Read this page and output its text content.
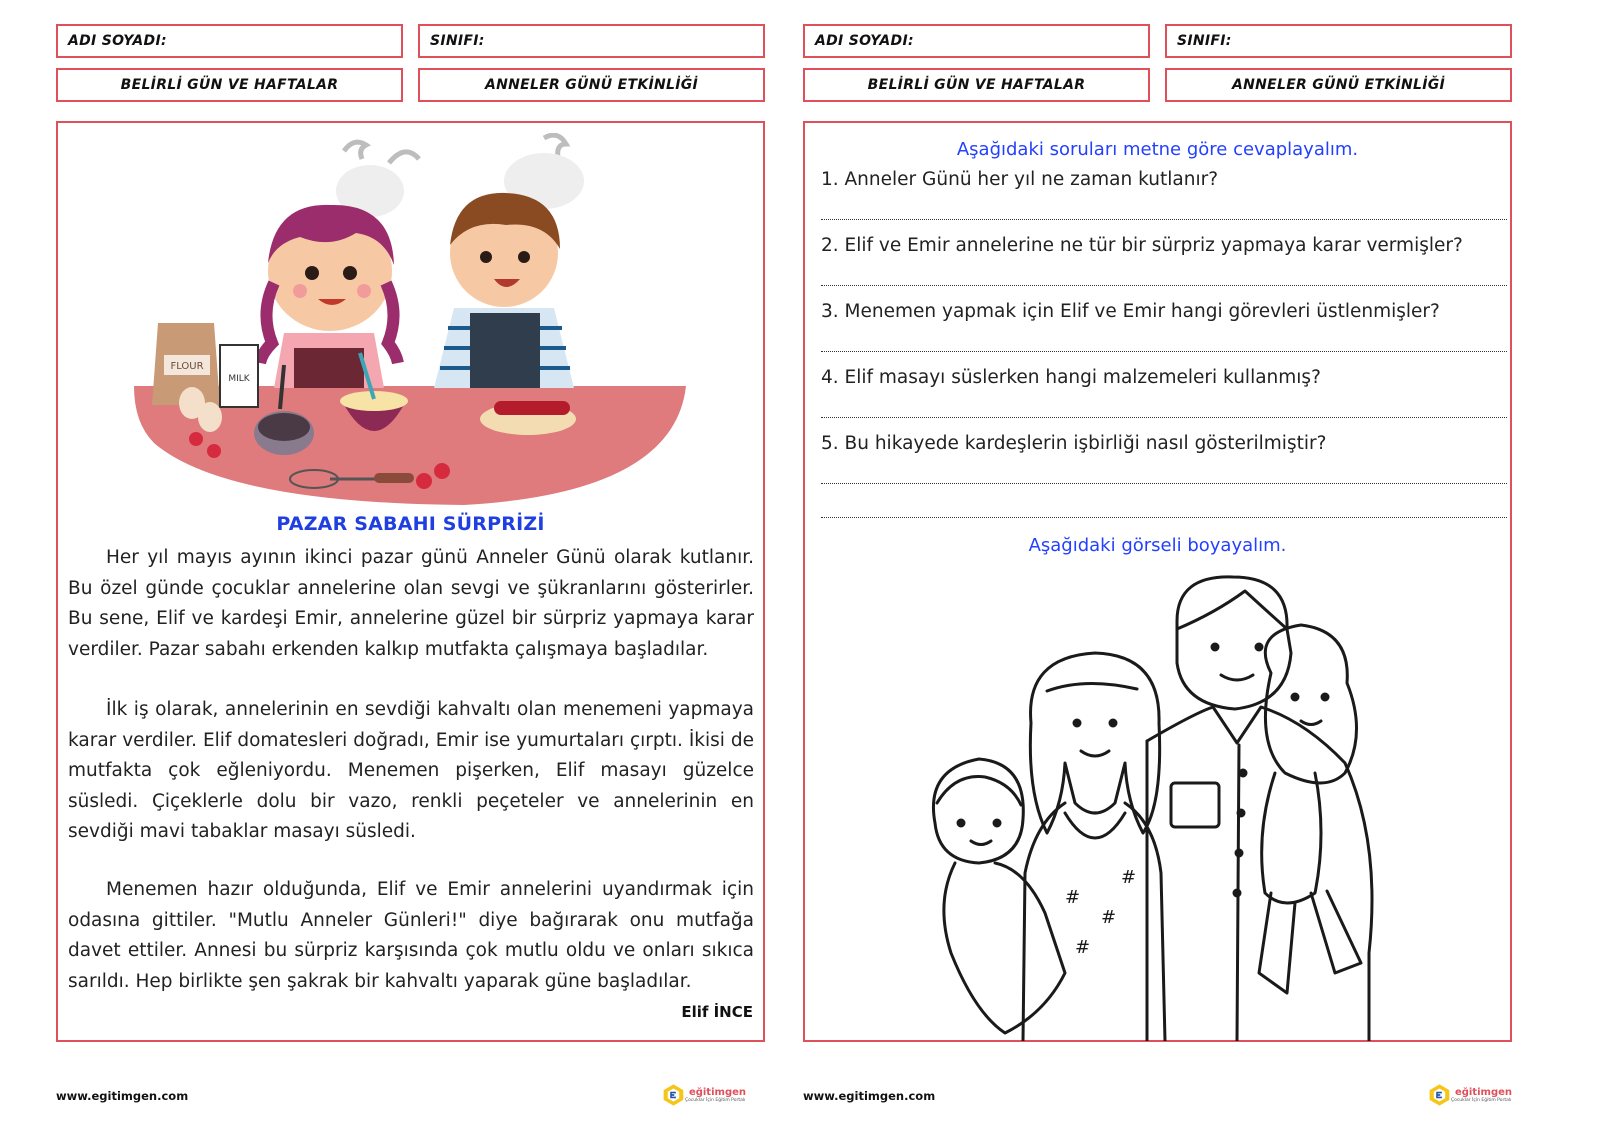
ADI SOYADI:	SINIFI:
BELİRLİ GÜN VE HAFTALAR	ANNELER GÜNÜ ETKİNLİĞİ
FLOUR
MILK
PAZAR SABAHI SÜRPRİZİ

Her yıl mayıs ayının ikinci pazar günü Anneler Günü olarak kutlanır. Bu özel günde çocuklar annelerine olan sevgi ve şükranlarını gösterirler. Bu sene, Elif ve kardeşi Emir, annelerine güzel bir sürpriz yapmaya karar verdiler. Pazar sabahı erkenden kalkıp mutfakta çalışmaya başladılar.

İlk iş olarak, annelerinin en sevdiği kahvaltı olan menemeni yapmaya karar verdiler. Elif domatesleri doğradı, Emir ise yumurtaları çırptı. İkisi de mutfakta çok eğleniyordu. Menemen pişerken, Elif masayı güzelce süsledi. Çiçeklerle dolu bir vazo, renkli peçeteler ve annelerinin en sevdiği mavi tabaklar masayı süsledi.

Menemen hazır olduğunda, Elif ve Emir annelerini uyandırmak için odasına gittiler. "Mutlu Anneler Günleri!" diye bağırarak onu mutfağa davet ettiler. Annesi bu sürpriz karşısında çok mutlu oldu ve onları sıkıca sarıldı. Hep birlikte şen şakrak bir kahvaltı yaparak güne başladılar.

Elif İNCE
www.egitimgen.com	eğitimgen
Çocuklar İçin Eğitim Portalı
ADI SOYADI:	SINIFI:
BELİRLİ GÜN VE HAFTALAR	ANNELER GÜNÜ ETKİNLİĞİ
Aşağıdaki soruları metne göre cevaplayalım.
1. Anneler Günü her yıl ne zaman kutlanır?
2. Elif ve Emir annelerine ne tür bir sürpriz yapmaya karar vermişler?
3. Menemen yapmak için Elif ve Emir hangi görevleri üstlenmişler?
4. Elif masayı süslerken hangi malzemeleri kullanmış?
5. Bu hikayede kardeşlerin işbirliği nasıl gösterilmiştir?
Aşağıdaki görseli boyayalım.
#
#
#
#
www.egitimgen.com	eğitimgen
Çocuklar İçin Eğitim Portalı
